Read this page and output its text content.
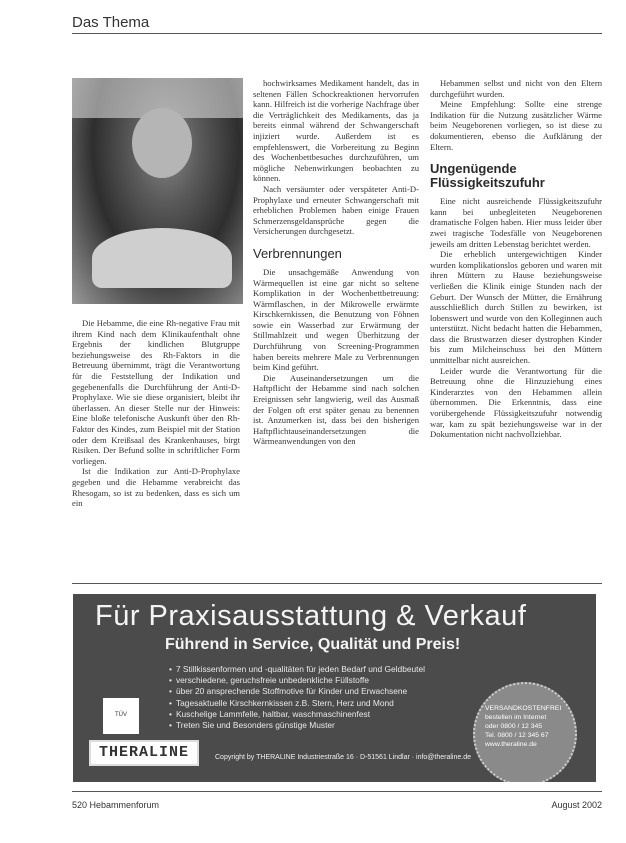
Das Thema

Die Hebamme, die eine Rh-negative Frau mit ihrem Kind nach dem Klinikaufenthalt ohne Ergebnis der kindlichen Blutgruppe beziehungsweise des Rh-Faktors in die Betreuung übernimmt, trägt die Verantwortung für die Feststellung der Indikation und gegebenenfalls die Durchführung der Anti-D-Prophylaxe. Wie sie diese organisiert, bleibt ihr überlassen. An dieser Stelle nur der Hinweis: Eine bloße telefonische Auskunft über den Rh-Faktor des Kindes, zum Beispiel mit der Station oder dem Kreißsaal des Krankenhauses, birgt Risiken. Der Befund sollte in schriftlicher Form vorliegen.

Ist die Indikation zur Anti-D-Prophylaxe gegeben und die Hebamme verabreicht das Rhesogam, so ist zu bedenken, dass es sich um ein

hochwirksames Medikament handelt, das in seltenen Fällen Schockreaktionen hervorrufen kann. Hilfreich ist die vorherige Nachfrage über die Verträglichkeit des Medikaments, das ja bereits einmal während der Schwangerschaft injiziert wurde. Außerdem ist es empfehlenswert, die Vorbereitung zu Beginn des Wochenbettbesuches durchzuführen, um mögliche Nebenwirkungen beobachten zu können.

Nach versäumter oder verspäteter Anti-D-Prophylaxe und erneuter Schwangerschaft mit erheblichen Problemen haben einige Frauen Schmerzensgeldansprüche gegen die Versicherungen durchgesetzt.

Verbrennungen

Die unsachgemäße Anwendung von Wärmequellen ist eine gar nicht so seltene Komplikation in der Wochenbettbetreuung: Wärmflaschen, in der Mikrowelle erwärmte Kirschkernkissen, die Benutzung von Föhnen sowie ein Wasserbad zur Erwärmung der Stillmahlzeit und wegen Überhitzung der Durchführung von Screening-Programmen haben bereits mehrere Male zu Verbrennungen beim Kind geführt.

Die Auseinandersetzungen um die Haftpflicht der Hebamme sind nach solchen Ereignissen sehr langwierig, weil das Ausmaß der Folgen oft erst später genau zu benennen ist. Anzumerken ist, dass bei den bisherigen Haftpflichtauseinandersetzungen die Wärmeanwendungen von den

Hebammen selbst und nicht von den Eltern durchgeführt wurden.

Meine Empfehlung: Sollte eine strenge Indikation für die Nutzung zusätzlicher Wärme beim Neugeborenen vorliegen, so ist diese zu dokumentieren, ebenso die Aufklärung der Eltern.

Ungenügende Flüssigkeitszufuhr

Eine nicht ausreichende Flüssigkeitszufuhr kann bei unbegleiteten Neugeborenen dramatische Folgen haben. Hier muss leider über zwei tragische Todesfälle von Neugeborenen jeweils am dritten Lebenstag berichtet werden.

Die erheblich untergewichtigen Kinder wurden komplikationslos geboren und waren mit ihren Müttern zu Hause beziehungsweise verließen die Klinik einige Stunden nach der Geburt. Der Wunsch der Mütter, die Ernährung ausschließlich durch Stillen zu bewirken, ist lobenswert und wurde von den Kolleginnen auch unterstützt. Nicht bedacht hatten die Hebammen, dass die Brustwarzen dieser dystrophen Kinder bis zum Milcheinschuss bei den Müttern unmittelbar nicht ausreichen.

Leider wurde die Verantwortung für die Betreuung ohne die Hinzuziehung eines Kinderarztes von den Hebammen allein übernommen. Die Erkenntnis, dass eine vorübergehende Flüssigkeitszufuhr notwendig war, kam zu spät beziehungsweise war in der Dokumentation nicht nachvollziehbar.

Für Praxisausstattung & Verkauf
Führend in Service, Qualität und Preis!
• 7 Stillkissenformen und -qualitäten für jeden Bedarf und Geldbeutel
• verschiedene, geruchsfreie unbedenkliche Füllstoffe
• über 20 ansprechende Stoffmotive für Kinder und Erwachsene
• Tagesaktuelle Kirschkernkissen z.B. Stern, Herz und Mond
• Kuschelige Lammfelle, haltbar, waschmaschinenfest
• Treten Sie und Besonders günstige Muster
TÜV
VERSANDKOSTENFREI
bestellen im Internet
oder 0800 / 12 345
Tel. 0800 / 12 345 67
www.theraline.de
THERALINE	Copyright by THERALINE Industriestraße 16 · D-51561 Lindlar · info@theraline.de
520 Hebammenforum	August 2002
